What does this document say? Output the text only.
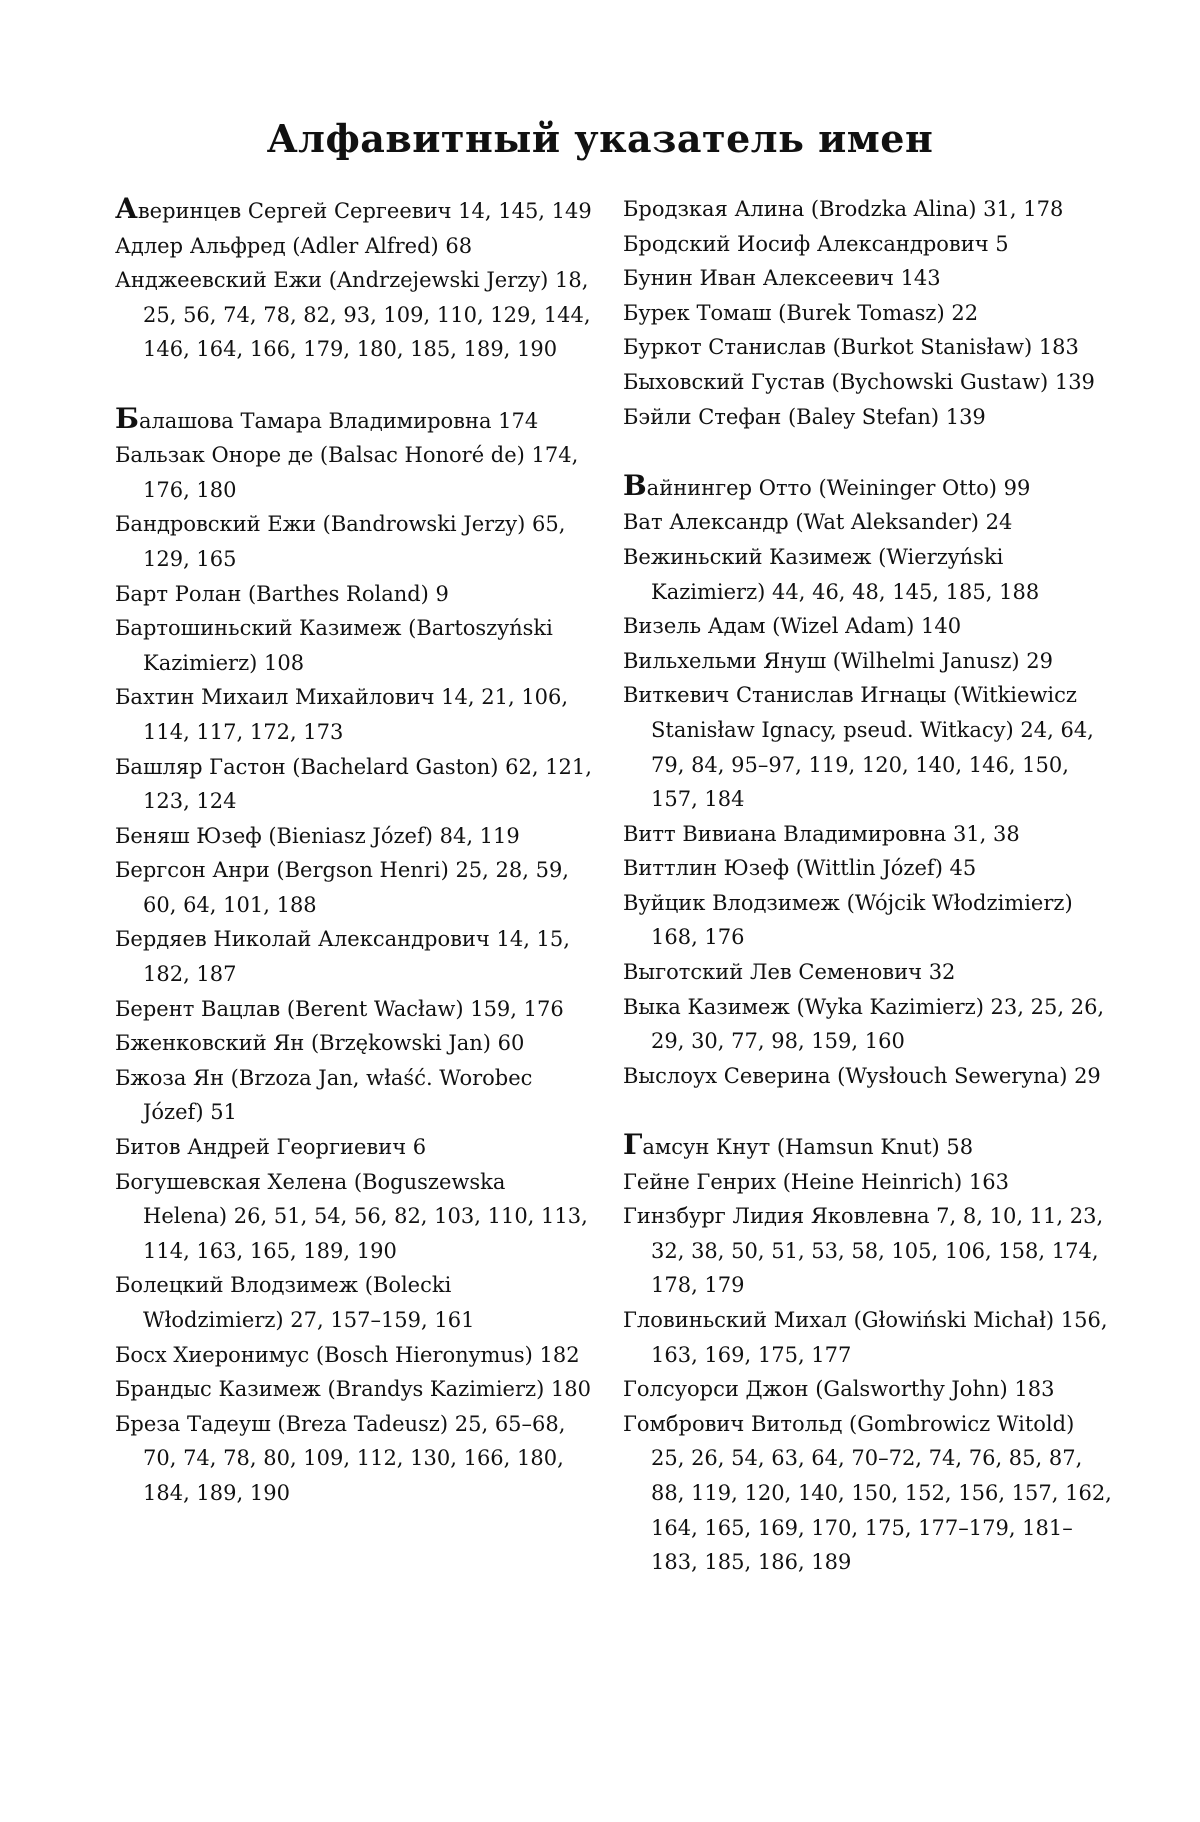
Алфавитный указатель имен

Аверинцев Сергей Сергеевич 14, 145, 149

Адлер Альфред (Adler Alfred) 68

Анджеевский Ежи (Andrzejewski Jerzy) 18, 25, 56, 74, 78, 82, 93, 109, 110, 129, 144, 146, 164, 166, 179, 180, 185, 189, 190

Балашова Тамара Владимировна 174

Бальзак Оноре де (Balsac Honoré de) 174, 176, 180

Бандровский Ежи (Bandrowski Jerzy) 65, 129, 165

Барт Ролан (Barthes Roland) 9

Бартошиньский Казимеж (Bartoszyński Kazimierz) 108

Бахтин Михаил Михайлович 14, 21, 106, 114, 117, 172, 173

Башляр Гастон (Bachelard Gaston) 62, 121, 123, 124

Беняш Юзеф (Bieniasz Józef) 84, 119

Бергсон Анри (Bergson Henri) 25, 28, 59, 60, 64, 101, 188

Бердяев Николай Александрович 14, 15, 182, 187

Берент Вацлав (Berent Wacław) 159, 176

Бженковский Ян (Brzękowski Jan) 60

Бжоза Ян (Brzoza Jan, właść. Worobec Józef) 51

Битов Андрей Георгиевич 6

Богушевская Хелена (Boguszewska Helena) 26, 51, 54, 56, 82, 103, 110, 113, 114, 163, 165, 189, 190

Болецкий Влодзимеж (Bolecki Włodzimierz) 27, 157–159, 161

Босх Хиеронимус (Bosch Hieronymus) 182

Брандыс Казимеж (Brandys Kazimierz) 180

Бреза Тадеуш (Breza Tadeusz) 25, 65–68, 70, 74, 78, 80, 109, 112, 130, 166, 180, 184, 189, 190

Бродзкая Алина (Brodzka Alina) 31, 178

Бродский Иосиф Александрович 5

Бунин Иван Алексеевич 143

Бурек Томаш (Burek Tomasz) 22

Буркот Станислав (Burkot Stanisław) 183

Быховский Густав (Bychowski Gustaw) 139

Бэйли Стефан (Baley Stefan) 139

Вайнингер Отто (Weininger Otto) 99

Ват Александр (Wat Aleksander) 24

Вежиньский Казимеж (Wierzyński Kazimierz) 44, 46, 48, 145, 185, 188

Визель Адам (Wizel Adam) 140

Вильхельми Януш (Wilhelmi Janusz) 29

Виткевич Станислав Игнацы (Witkiewicz Stanisław Ignacy, pseud. Witkacy) 24, 64, 79, 84, 95–97, 119, 120, 140, 146, 150, 157, 184

Витт Вивиана Владимировна 31, 38

Виттлин Юзеф (Wittlin Józef) 45

Вуйцик Влодзимеж (Wójcik Włodzimierz) 168, 176

Выготский Лев Семенович 32

Выка Казимеж (Wyka Kazimierz) 23, 25, 26, 29, 30, 77, 98, 159, 160

Выслоух Северина (Wysłouch Seweryna) 29

Гамсун Кнут (Hamsun Knut) 58

Гейне Генрих (Heine Heinrich) 163

Гинзбург Лидия Яковлевна 7, 8, 10, 11, 23, 32, 38, 50, 51, 53, 58, 105, 106, 158, 174, 178, 179

Гловиньский Михал (Głowiński Michał) 156, 163, 169, 175, 177

Голсуорси Джон (Galsworthy John) 183

Гомбрович Витольд (Gombrowicz Witold) 25, 26, 54, 63, 64, 70–72, 74, 76, 85, 87, 88, 119, 120, 140, 150, 152, 156, 157, 162, 164, 165, 169, 170, 175, 177–179, 181–183, 185, 186, 189
